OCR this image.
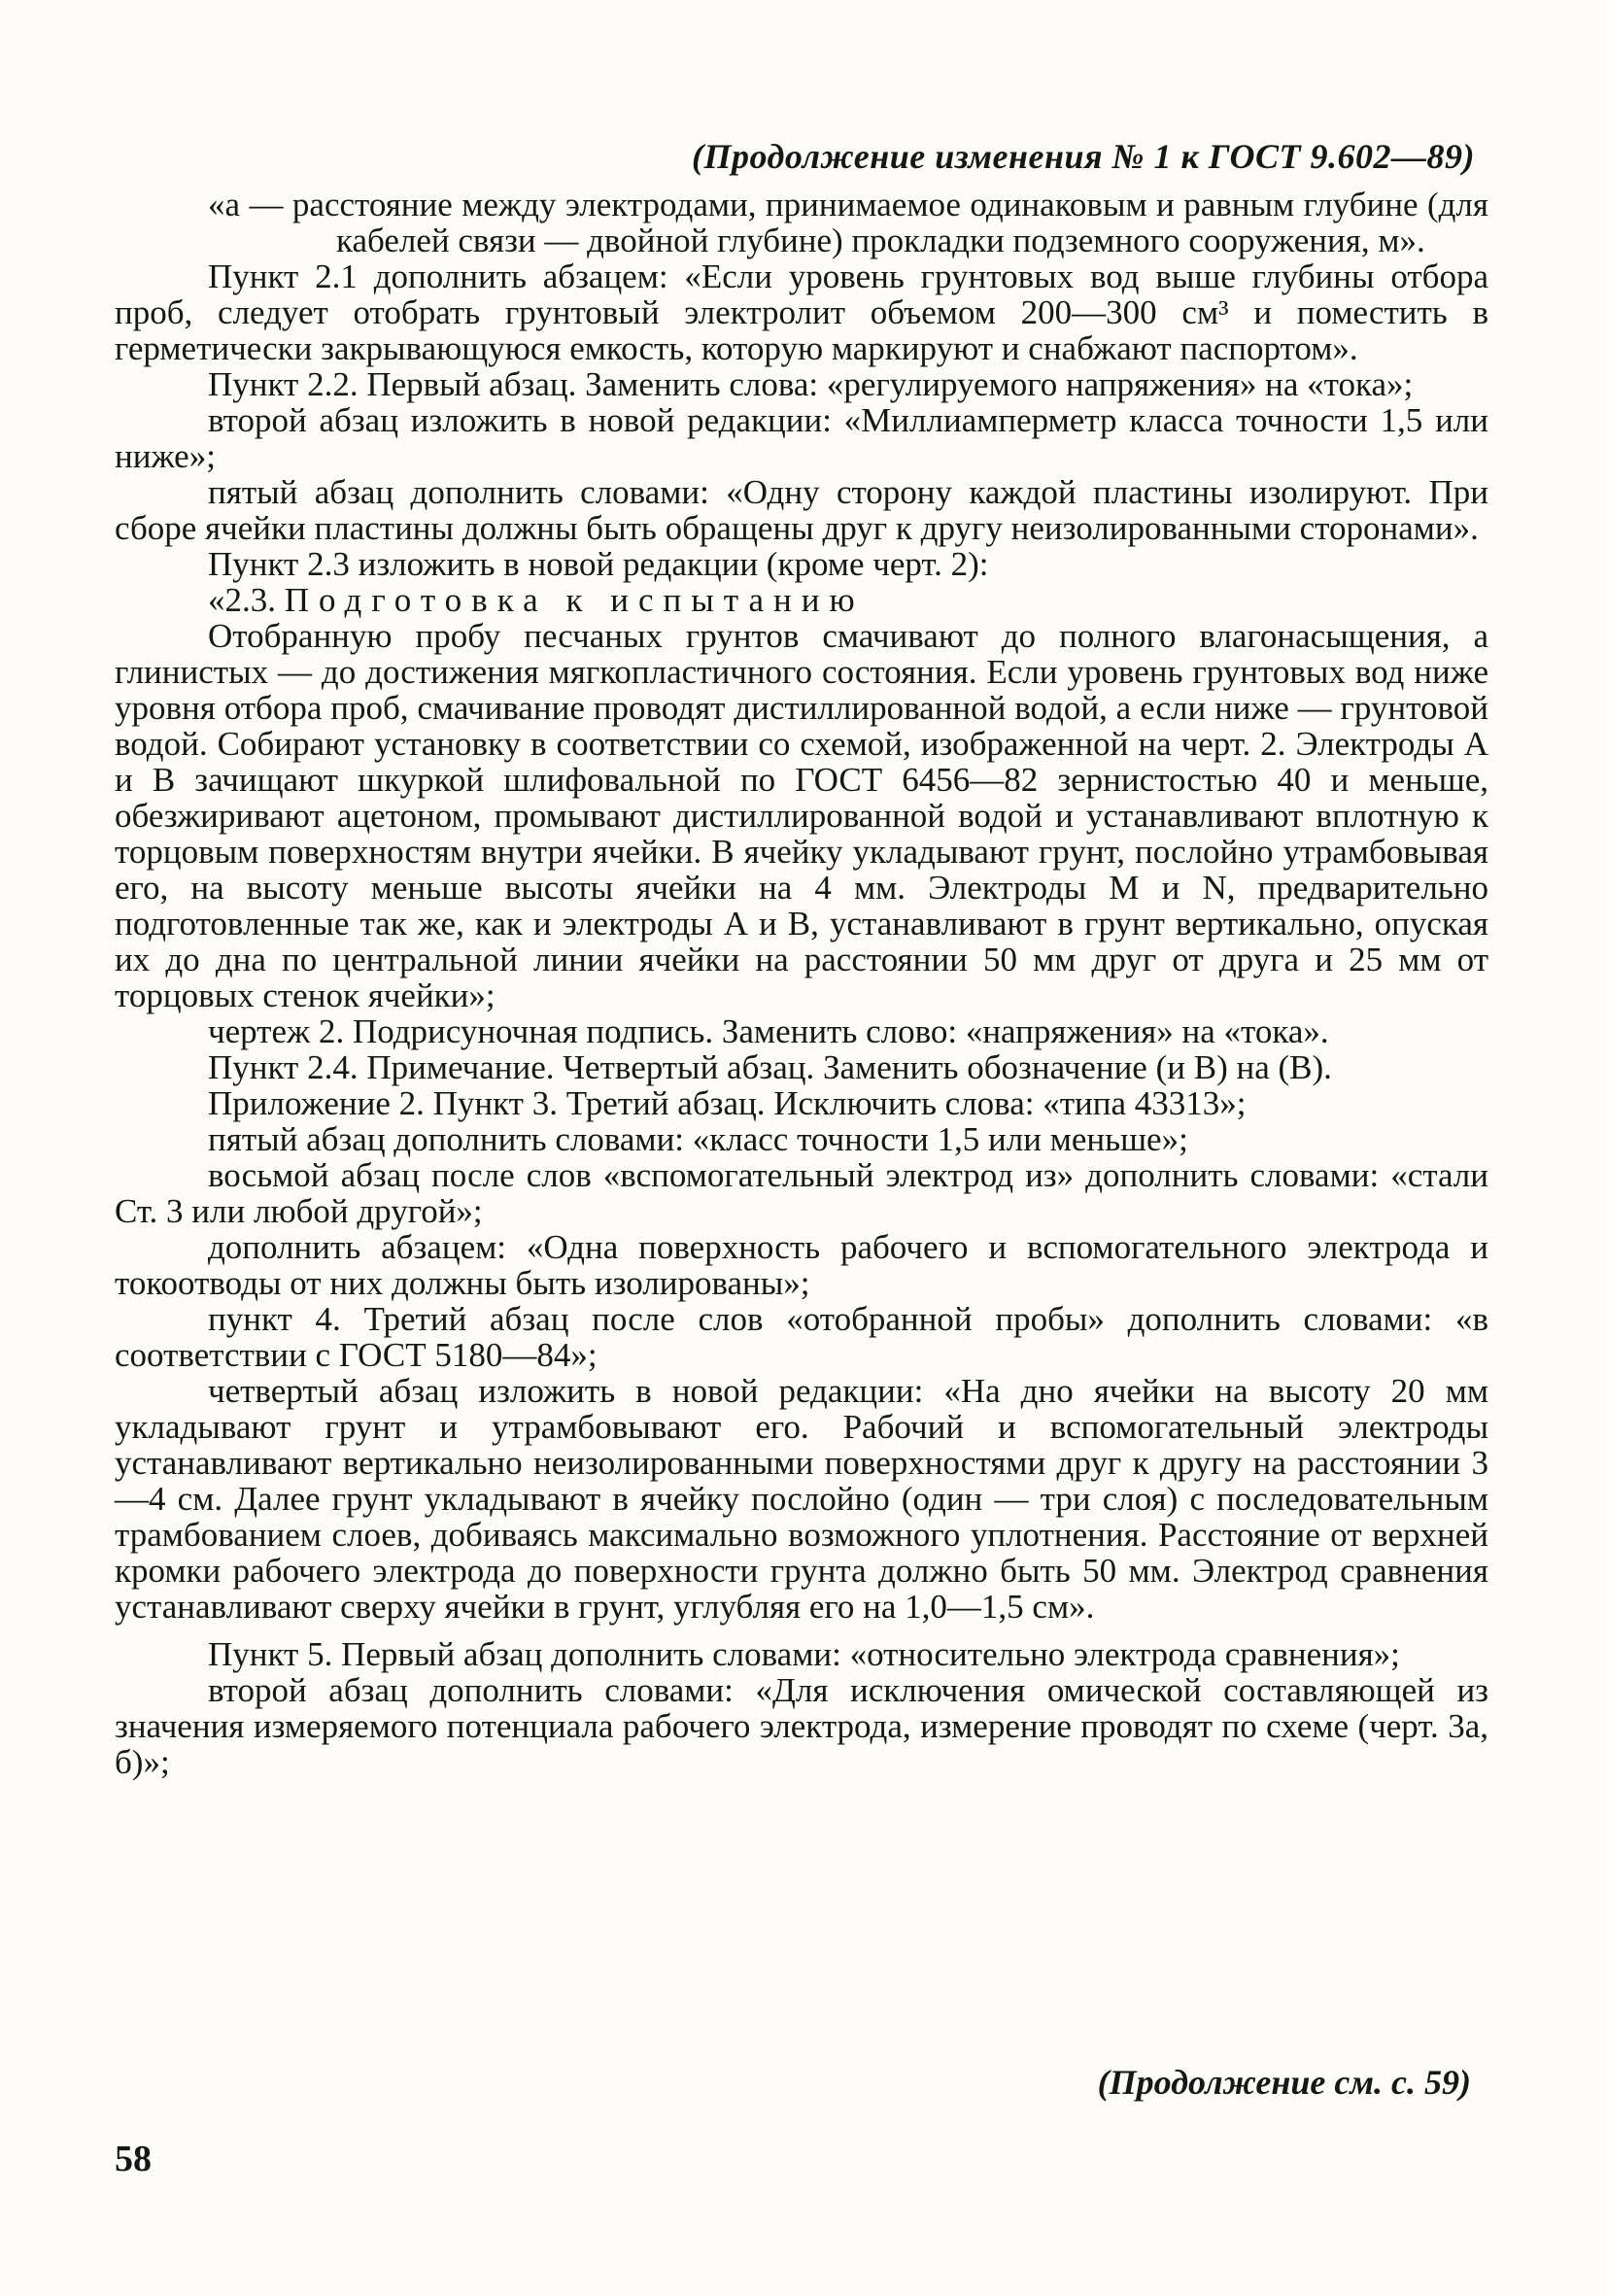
(Продолжение изменения № 1 к ГОСТ 9.602—89)

«а — расстояние между электродами, принимаемое одинаковым и равным глубине (для кабелей связи — двойной глубине) прокладки подземного сооружения, м».

Пункт 2.1 дополнить абзацем: «Если уровень грунтовых вод выше глубины отбора проб, следует отобрать грунтовый электролит объемом 200—300 см³ и поместить в герметически закрывающуюся емкость, которую маркируют и снабжают паспортом».

Пункт 2.2. Первый абзац. Заменить слова: «регулируемого напряжения» на «тока»;

второй абзац изложить в новой редакции: «Миллиамперметр класса точности 1,5 или ниже»;

пятый абзац дополнить словами: «Одну сторону каждой пластины изолируют. При сборе ячейки пластины должны быть обращены друг к другу неизолированными сторонами».

Пункт 2.3 изложить в новой редакции (кроме черт. 2):

«2.3. Подготовка к испытанию

Отобранную пробу песчаных грунтов смачивают до полного влагонасыщения, а глинистых — до достижения мягкопластичного состояния. Если уровень грунтовых вод ниже уровня отбора проб, смачивание проводят дистиллированной водой, а если ниже — грунтовой водой. Собирают установку в соответствии со схемой, изображенной на черт. 2. Электроды А и В зачищают шкуркой шлифовальной по ГОСТ 6456—82 зернистостью 40 и меньше, обезжиривают ацетоном, промывают дистиллированной водой и устанавливают вплотную к торцовым поверхностям внутри ячейки. В ячейку укладывают грунт, послойно утрамбовывая его, на высоту меньше высоты ячейки на 4 мм. Электроды М и N, предварительно подготовленные так же, как и электроды А и В, устанавливают в грунт вертикально, опуская их до дна по центральной линии ячейки на расстоянии 50 мм друг от друга и 25 мм от торцовых стенок ячейки»;

чертеж 2. Подрисуночная подпись. Заменить слово: «напряжения» на «тока».

Пункт 2.4. Примечание. Четвертый абзац. Заменить обозначение (и В) на (В).

Приложение 2. Пункт 3. Третий абзац. Исключить слова: «типа 43313»;

пятый абзац дополнить словами: «класс точности 1,5 или меньше»;

восьмой абзац после слов «вспомогательный электрод из» дополнить словами: «стали Ст. 3 или любой другой»;

дополнить абзацем: «Одна поверхность рабочего и вспомогательного электрода и токоотводы от них должны быть изолированы»;

пункт 4. Третий абзац после слов «отобранной пробы» дополнить словами: «в соответствии с ГОСТ 5180—84»;

четвертый абзац изложить в новой редакции: «На дно ячейки на высоту 20 мм укладывают грунт и утрамбовывают его. Рабочий и вспомогательный электроды устанавливают вертикально неизолированными поверхностями друг к другу на расстоянии 3—4 см. Далее грунт укладывают в ячейку послойно (один — три слоя) с последовательным трамбованием слоев, добиваясь максимально возможного уплотнения. Расстояние от верхней кромки рабочего электрода до поверхности грунта должно быть 50 мм. Электрод сравнения устанавливают сверху ячейки в грунт, углубляя его на 1,0—1,5 см».

Пункт 5. Первый абзац дополнить словами: «относительно электрода сравнения»;

второй абзац дополнить словами: «Для исключения омической составляющей из значения измеряемого потенциала рабочего электрода, измерение проводят по схеме (черт. 3а, б)»;

(Продолжение см. с. 59)
58
